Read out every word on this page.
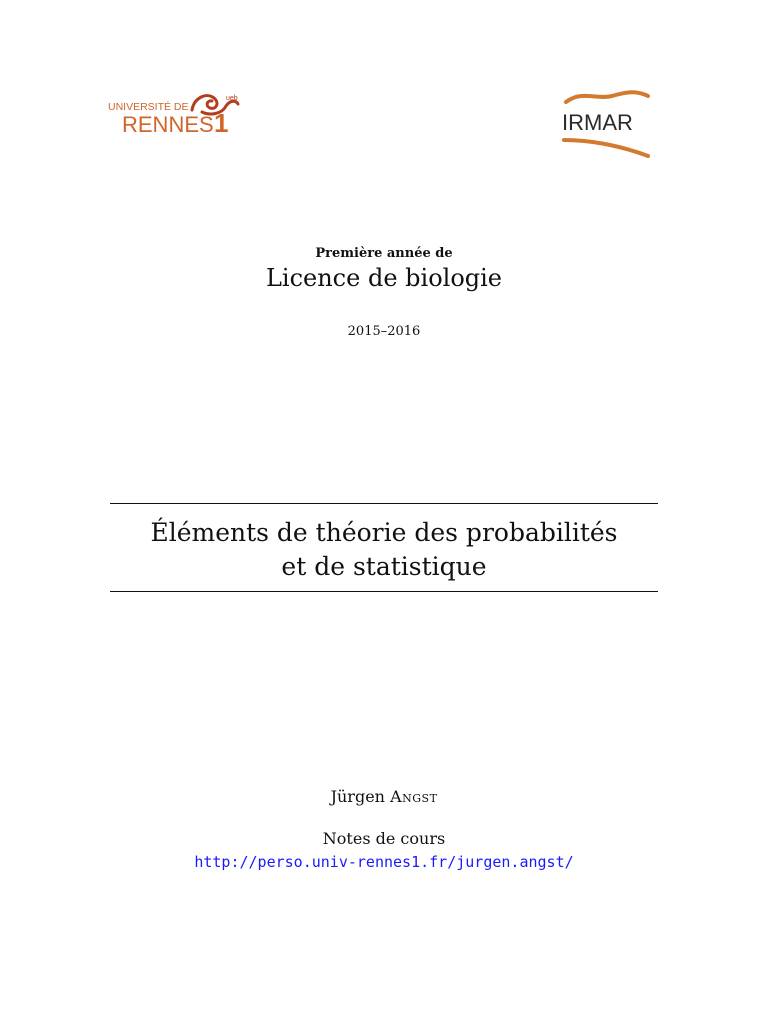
UNIVERSITÉ DE
RENNES 1
ueb
IRMAR
Première année de
Licence de biologie
2015–2016
Éléments de théorie des probabilités
et de statistique
Jürgen Angst
Notes de cours
http://perso.univ-rennes1.fr/jurgen.angst/
